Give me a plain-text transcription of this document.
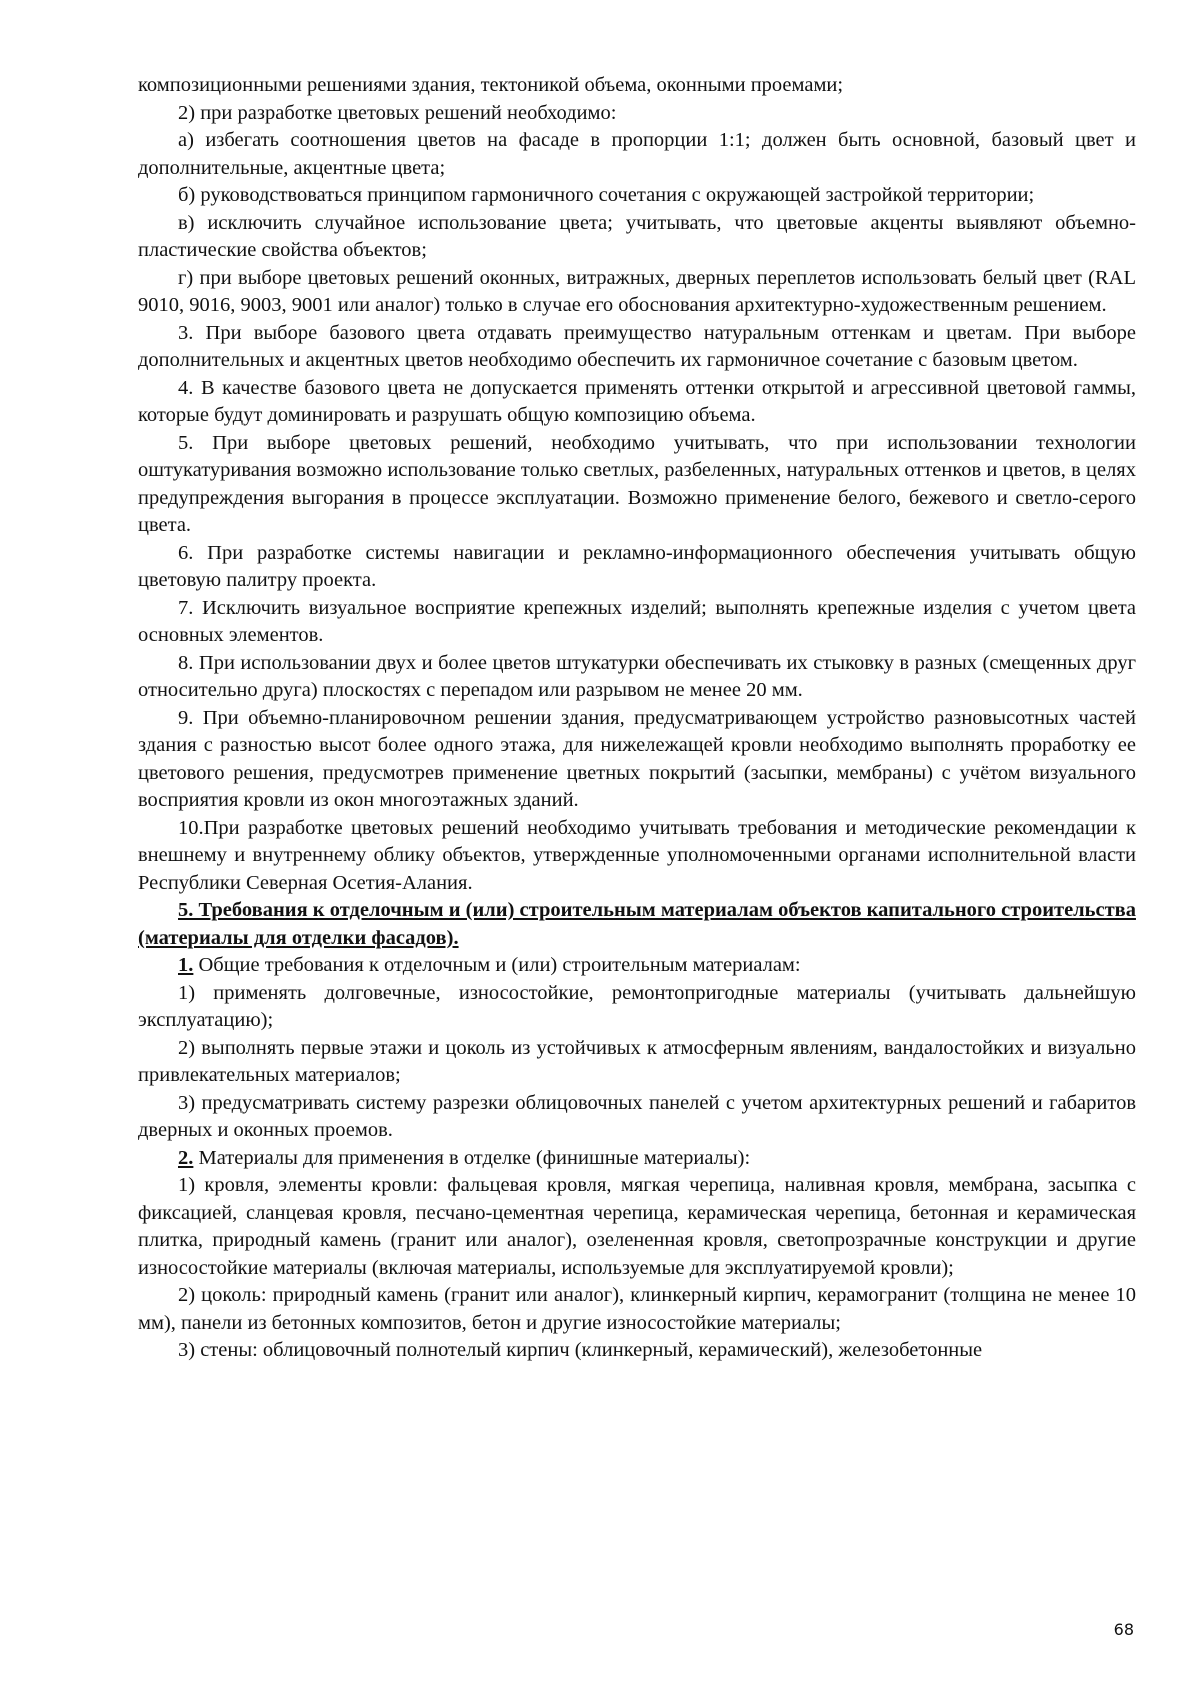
композиционными решениями здания, тектоникой объема, оконными проемами;

2) при разработке цветовых решений необходимо:

а) избегать соотношения цветов на фасаде в пропорции 1:1; должен быть основной, базовый цвет и дополнительные, акцентные цвета;

б) руководствоваться принципом гармоничного сочетания с окружающей застройкой территории;

в) исключить случайное использование цвета; учитывать, что цветовые акценты выявляют объемно-пластические свойства объектов;

г) при выборе цветовых решений оконных, витражных, дверных переплетов использовать белый цвет (RAL 9010, 9016, 9003, 9001 или аналог) только в случае его обоснования архитектурно-художественным решением.

3. При выборе базового цвета отдавать преимущество натуральным оттенкам и цветам. При выборе дополнительных и акцентных цветов необходимо обеспечить их гармоничное сочетание с базовым цветом.

4. В качестве базового цвета не допускается применять оттенки открытой и агрессивной цветовой гаммы, которые будут доминировать и разрушать общую композицию объема.

5. При выборе цветовых решений, необходимо учитывать, что при использовании технологии оштукатуривания возможно использование только светлых, разбеленных, натуральных оттенков и цветов, в целях предупреждения выгорания в процессе эксплуатации. Возможно применение белого, бежевого и светло-серого цвета.

6. При разработке системы навигации и рекламно-информационного обеспечения учитывать общую цветовую палитру проекта.

7. Исключить визуальное восприятие крепежных изделий; выполнять крепежные изделия с учетом цвета основных элементов.

8. При использовании двух и более цветов штукатурки обеспечивать их стыковку в разных (смещенных друг относительно друга) плоскостях с перепадом или разрывом не менее 20 мм.

9. При объемно-планировочном решении здания, предусматривающем устройство разновысотных частей здания с разностью высот более одного этажа, для нижележащей кровли необходимо выполнять проработку ее цветового решения, предусмотрев применение цветных покрытий (засыпки, мембраны) с учётом визуального восприятия кровли из окон многоэтажных зданий.

10.При разработке цветовых решений необходимо учитывать требования и методические рекомендации к внешнему и внутреннему облику объектов, утвержденные уполномоченными органами исполнительной власти Республики Северная Осетия-Алания.

5. Требования к отделочным и (или) строительным материалам объектов капитального строительства (материалы для отделки фасадов).

1. Общие требования к отделочным и (или) строительным материалам:

1) применять долговечные, износостойкие, ремонтопригодные материалы (учитывать дальнейшую эксплуатацию);

2) выполнять первые этажи и цоколь из устойчивых к атмосферным явлениям, вандалостойких и визуально привлекательных материалов;

3) предусматривать систему разрезки облицовочных панелей с учетом архитектурных решений и габаритов дверных и оконных проемов.

2. Материалы для применения в отделке (финишные материалы):

1) кровля, элементы кровли: фальцевая кровля, мягкая черепица, наливная кровля, мембрана, засыпка с фиксацией, сланцевая кровля, песчано-цементная черепица, керамическая черепица, бетонная и керамическая плитка, природный камень (гранит или аналог), озелененная кровля, светопрозрачные конструкции и другие износостойкие материалы (включая материалы, используемые для эксплуатируемой кровли);

2) цоколь: природный камень (гранит или аналог), клинкерный кирпич, керамогранит (толщина не менее 10 мм), панели из бетонных композитов, бетон и другие износостойкие материалы;

3) стены: облицовочный полнотелый кирпич (клинкерный, керамический), железобетонные

68
